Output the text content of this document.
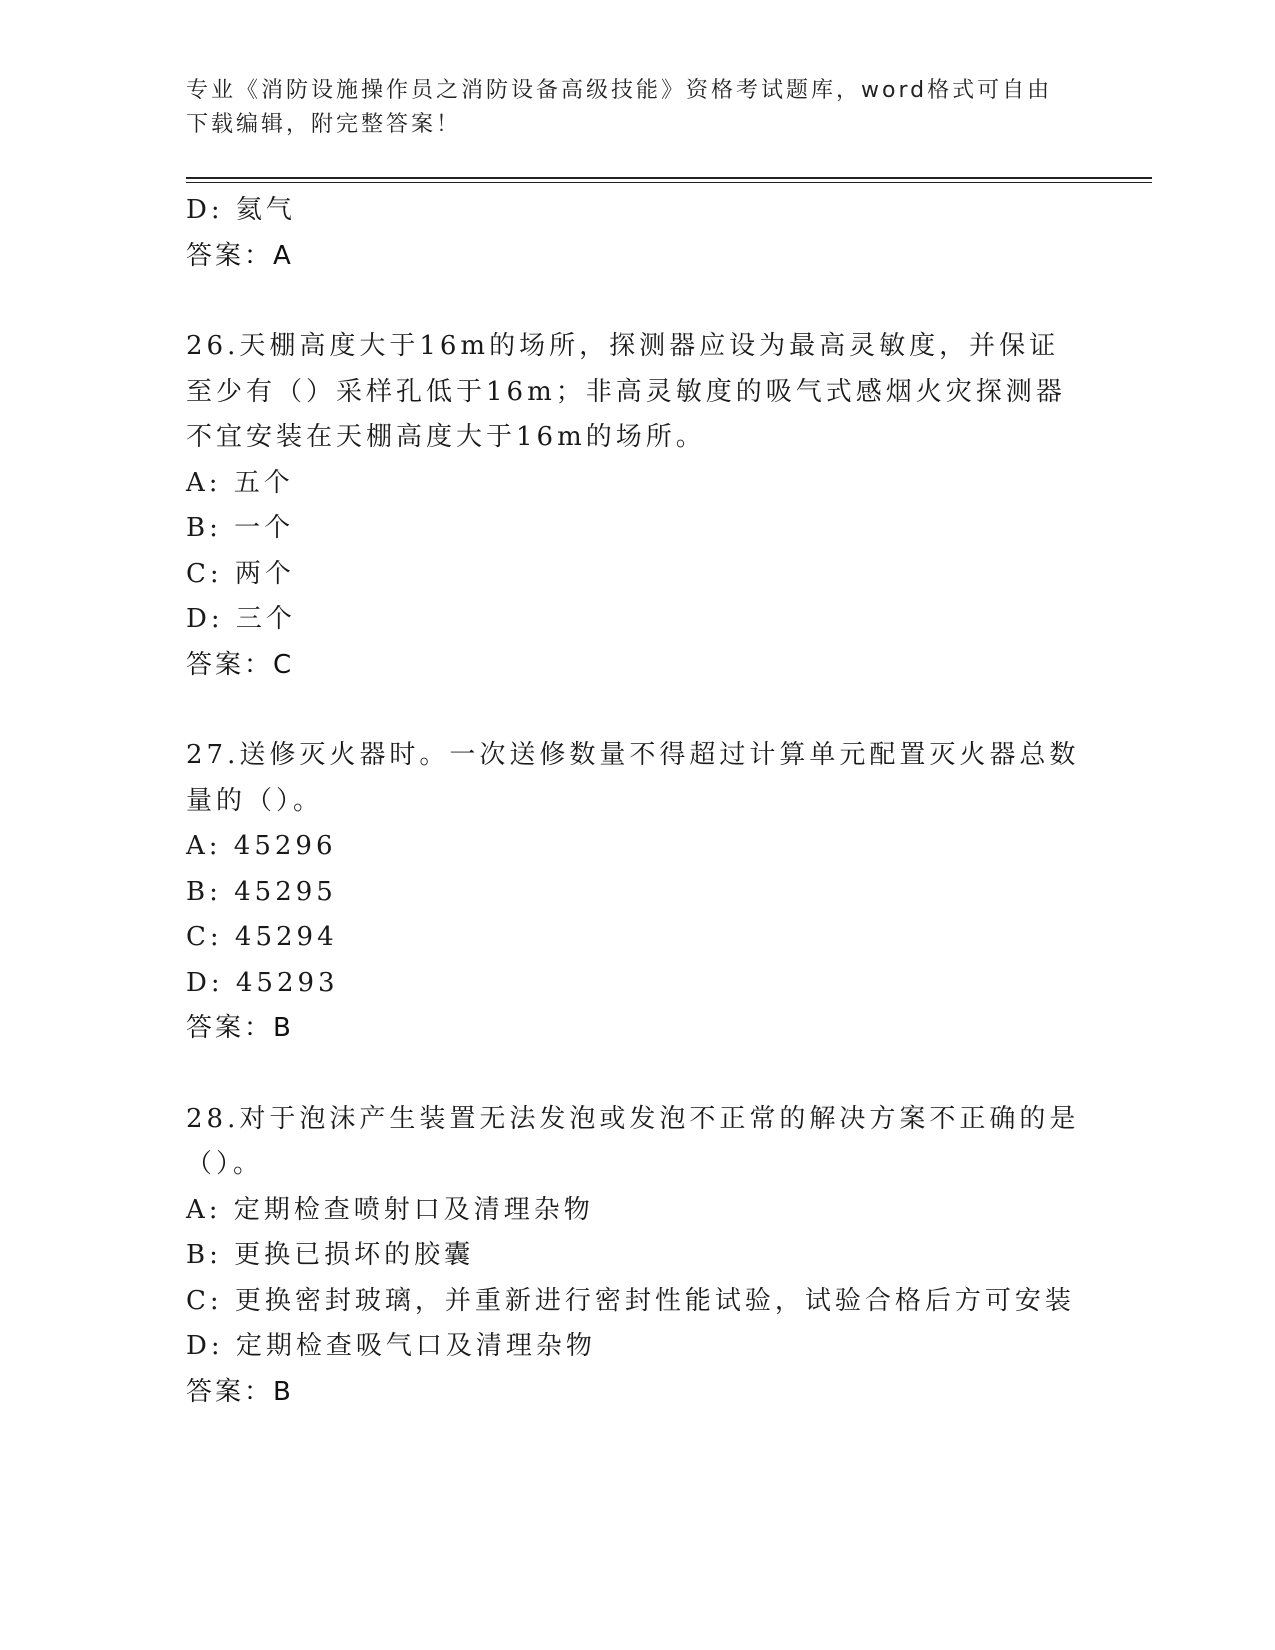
专业《消防设施操作员之消防设备高级技能》资格考试题库，word格式可自由下载编辑，附完整答案！
D: 氦气
答案：A
26.天棚高度大于16m的场所，探测器应设为最高灵敏度，并保证至少有（）采样孔低于16m；非高灵敏度的吸气式感烟火灾探测器不宜安装在天棚高度大于16m的场所。
A: 五个
B: 一个
C: 两个
D: 三个
答案：C
27.送修灭火器时。一次送修数量不得超过计算单元配置灭火器总数量的（）。
A: 45296
B: 45295
C: 45294
D: 45293
答案：B
28.对于泡沫产生装置无法发泡或发泡不正常的解决方案不正确的是（）。
A: 定期检查喷射口及清理杂物
B: 更换已损坏的胶囊
C: 更换密封玻璃，并重新进行密封性能试验，试验合格后方可安装
D: 定期检查吸气口及清理杂物
答案：B
